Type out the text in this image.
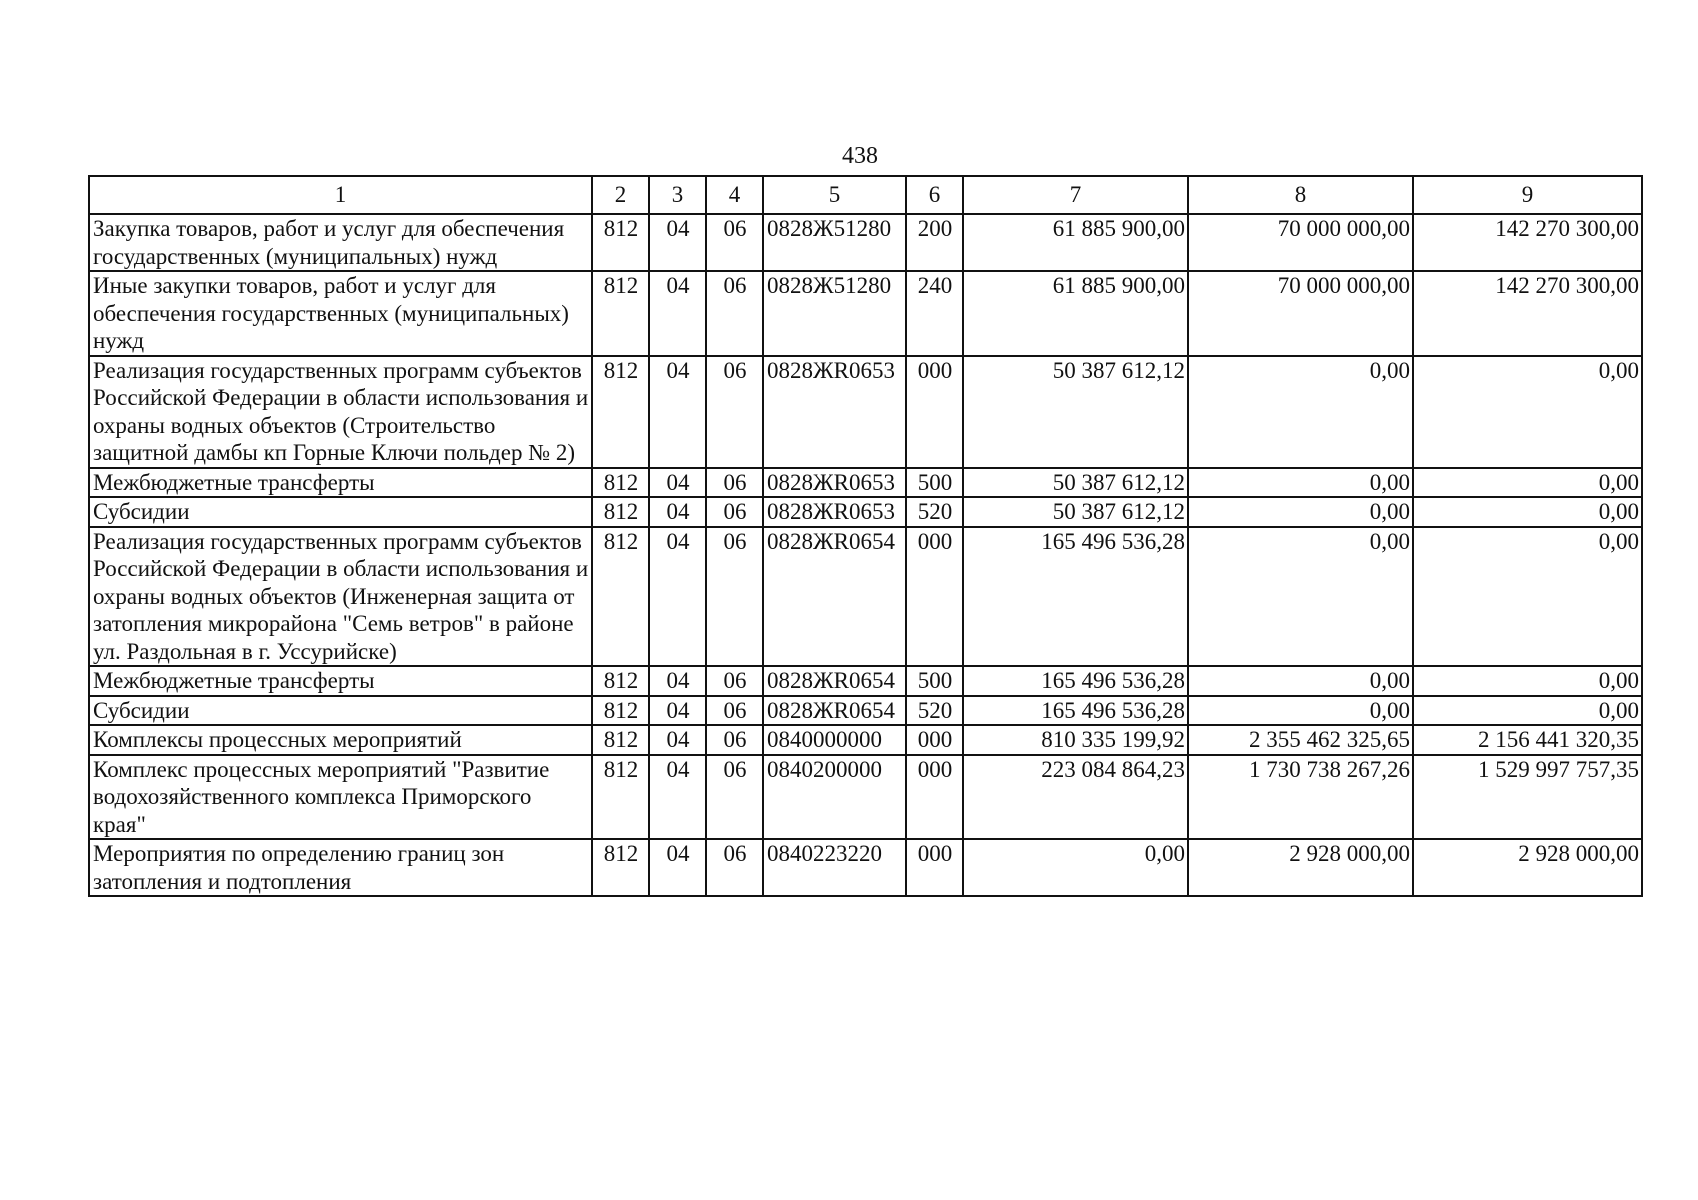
438
1	2	3	4	5	6	7	8	9
Закупка товаров, работ и услуг для обеспечения государственных (муниципальных) нужд	812	04	06	0828Ж51280	200	61 885 900,00	70 000 000,00	142 270 300,00
Иные закупки товаров, работ и услуг для обеспечения государственных (муниципальных) нужд	812	04	06	0828Ж51280	240	61 885 900,00	70 000 000,00	142 270 300,00
Реализация государственных программ субъектов Российской Федерации в области использования и охраны водных объектов (Строительство защитной дамбы кп Горные Ключи польдер № 2)	812	04	06	0828ЖR0653	000	50 387 612,12	0,00	0,00
Межбюджетные трансферты	812	04	06	0828ЖR0653	500	50 387 612,12	0,00	0,00
Субсидии	812	04	06	0828ЖR0653	520	50 387 612,12	0,00	0,00
Реализация государственных программ субъектов Российской Федерации в области использования и охраны водных объектов (Инженерная защита от затопления микрорайона "Семь ветров" в районе ул. Раздольная в г. Уссурийске)	812	04	06	0828ЖR0654	000	165 496 536,28	0,00	0,00
Межбюджетные трансферты	812	04	06	0828ЖR0654	500	165 496 536,28	0,00	0,00
Субсидии	812	04	06	0828ЖR0654	520	165 496 536,28	0,00	0,00
Комплексы процессных мероприятий	812	04	06	0840000000	000	810 335 199,92	2 355 462 325,65	2 156 441 320,35
Комплекс процессных мероприятий "Развитие водохозяйственного комплекса Приморского края"	812	04	06	0840200000	000	223 084 864,23	1 730 738 267,26	1 529 997 757,35
Мероприятия по определению границ зон затопления и подтопления	812	04	06	0840223220	000	0,00	2 928 000,00	2 928 000,00
